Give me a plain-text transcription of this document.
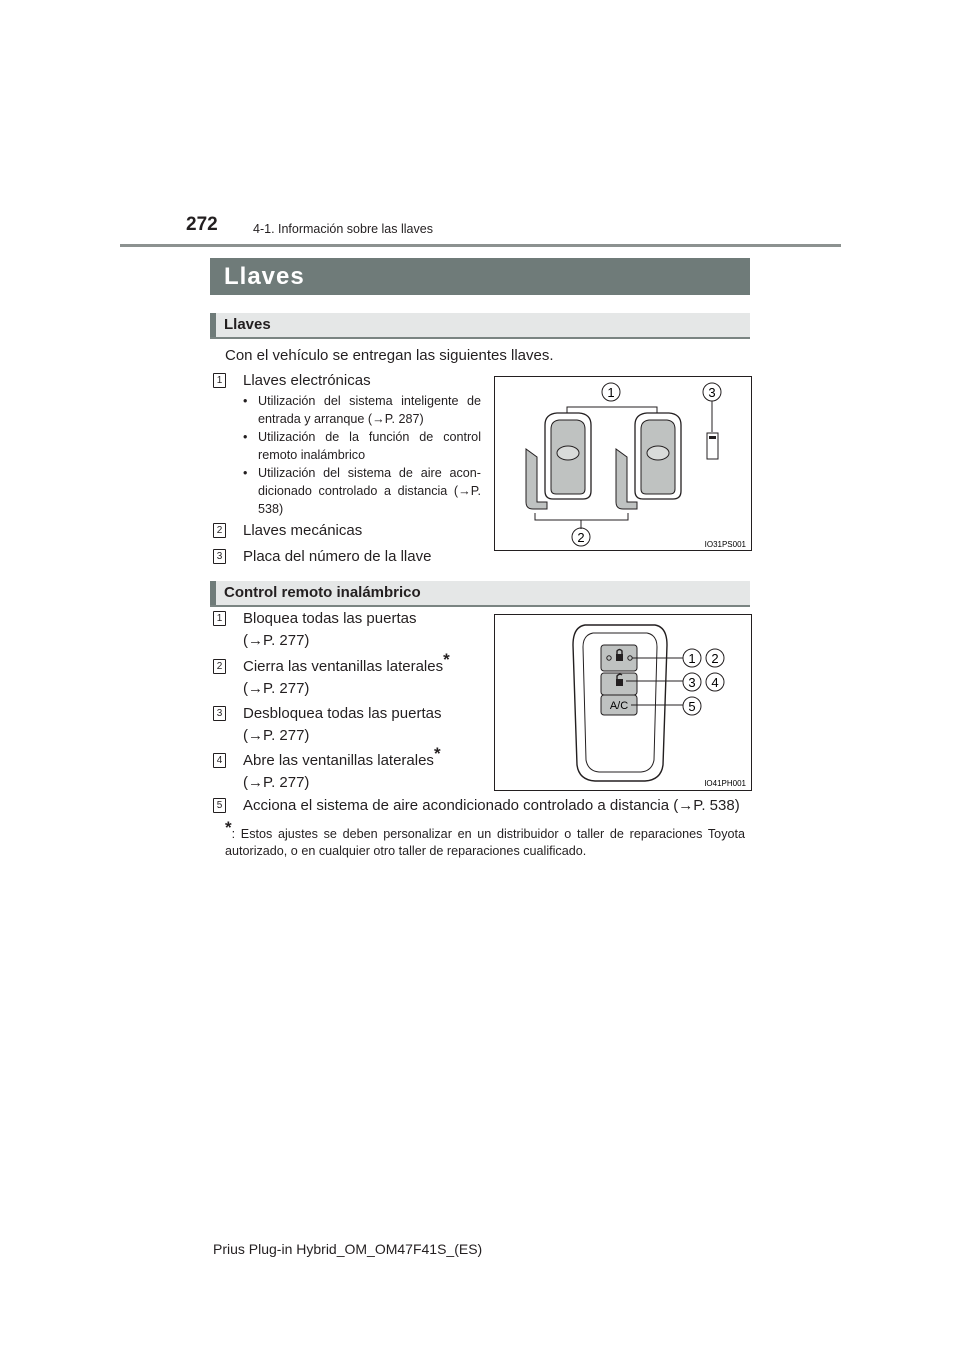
272	4-1. Información sobre las llaves
Llaves
Llaves
Con el vehículo se entregan las siguientes llaves.
1 Llaves electrónicas
• Utilización del sistema inteligente de entrada y arranque (→P. 287)
• Utilización de la función de control remoto inalámbrico
• Utilización del sistema de aire acon-dicionado controlado a distancia (→P. 538)
2 Llaves mecánicas
3 Placa del número de la llave
1	3
2	IO31PS001
Control remoto inalámbrico
1 Bloquea todas las puertas
(→P. 277)
2 Cierra las ventanillas laterales*
(→P. 277)
3 Desbloquea todas las puertas
(→P. 277)
4 Abre las ventanillas laterales*
(→P. 277)
5 Acciona el sistema de aire acondicionado controlado a distancia (→P. 538)
A/C
1 2
3 4
5
IO41PH001
*: Estos ajustes se deben personalizar en un distribuidor o taller de reparaciones Toyota autorizado, o en cualquier otro taller de reparaciones cualificado.
Prius Plug-in Hybrid_OM_OM47F41S_(ES)
